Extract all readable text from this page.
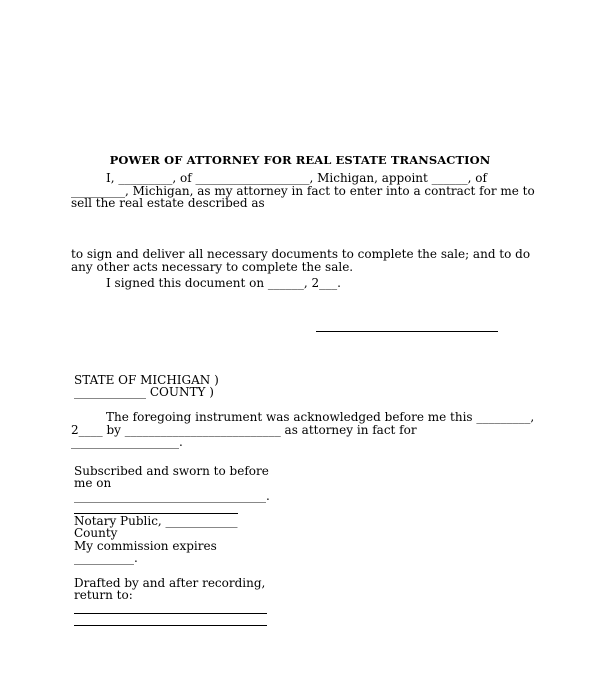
POWER OF ATTORNEY FOR REAL ESTATE TRANSACTION
I, _________, of ___________________, Michigan, appoint ______, of
_________, Michigan, as my attorney in fact to enter into a contract for me to
sell the real estate described as
to sign and deliver all necessary documents to complete the sale; and to do
any other acts necessary to complete the sale.
I signed this document on ______, 2___.
STATE OF MICHIGAN )
____________ COUNTY )
The foregoing instrument was acknowledged before me this _________,
2____ by __________________________ as attorney in fact for
__________________.
Subscribed and sworn to before
me on
________________________________.
Notary Public, ____________
County
My commission expires
__________.
Drafted by and after recording,
return to:
